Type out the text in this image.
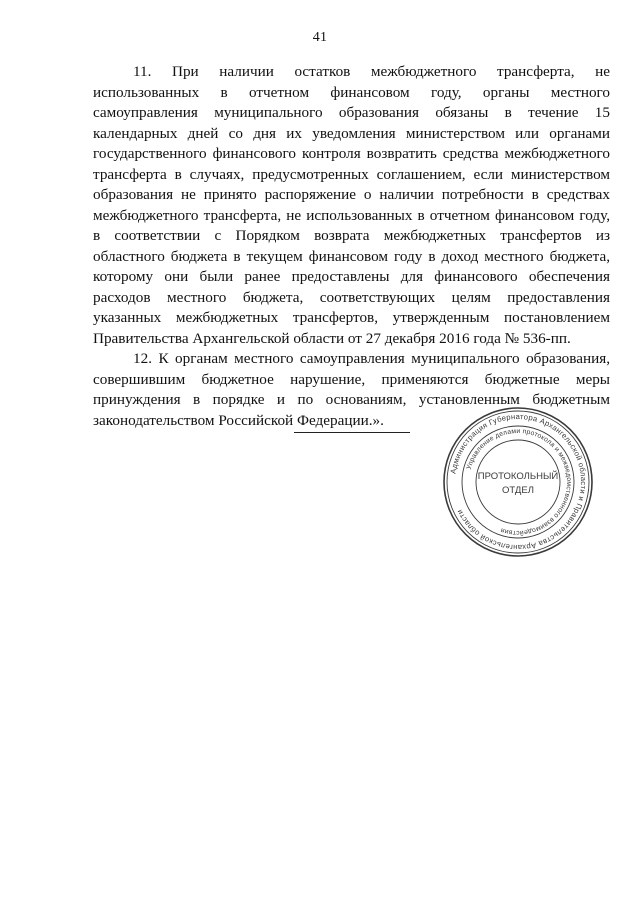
41

11. При наличии остатков межбюджетного трансферта, не использованных в отчетном финансовом году, органы местного самоуправления муниципального образования обязаны в течение 15 календарных дней со дня их уведомления министерством или органами государственного финансового контроля возвратить средства межбюджетного трансферта в случаях, предусмотренных соглашением, если министерством образования не принято распоряжение о наличии потребности в средствах межбюджетного трансферта, не использованных в отчетном финансовом году, в соответствии с Порядком возврата межбюджетных трансфертов из областного бюджета в текущем финансовом году в доход местного бюджета, которому они были ранее предоставлены для финансового обеспечения расходов местного бюджета, соответствующих целям предоставления указанных межбюджетных трансфертов, утвержденным постановлением Правительства Архангельской области от 27 декабря 2016 года № 536-пп.

12. К органам местного самоуправления муниципального образования, совершившим бюджетное нарушение, применяются бюджетные меры принуждения в порядке и по основаниям, установленным бюджетным законодательством Российской Федерации.».

Администрация Губернатора Архангельской области и Правительства Архангельской области
Управление делами протокола и межведомственного взаимодействия
ПРОТОКОЛЬНЫЙ
ОТДЕЛ
